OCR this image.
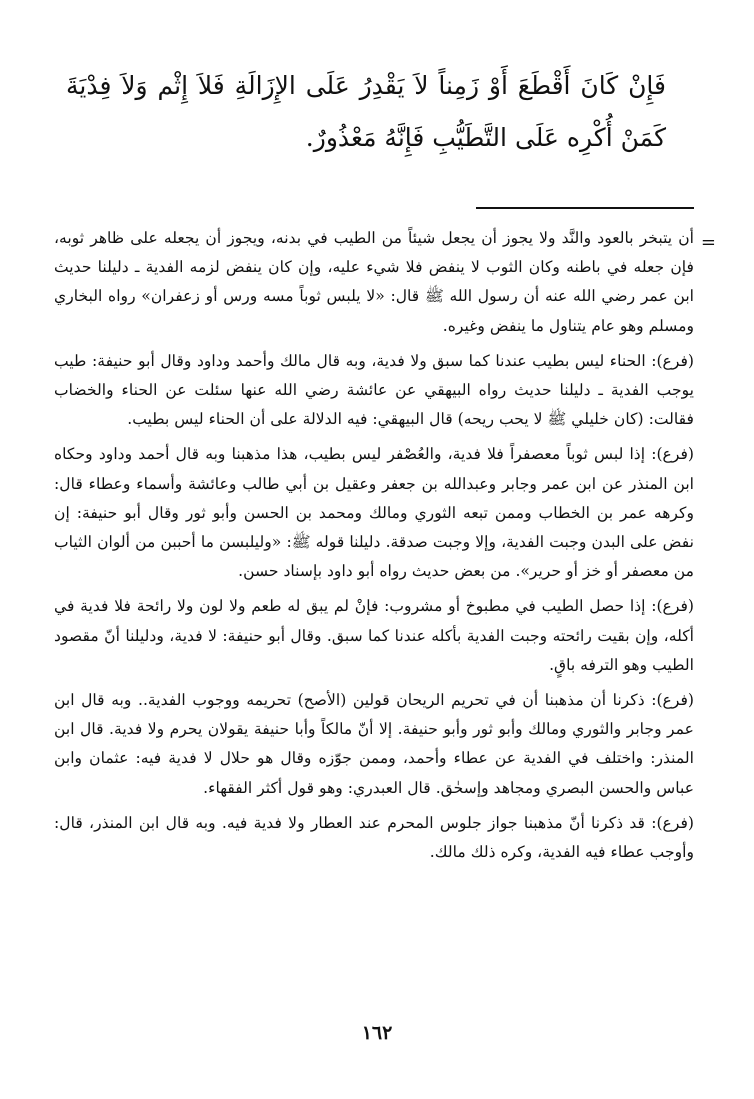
فَإِنْ كَانَ أَقْطَعَ أَوْ زَمِناً لاَ يَقْدِرُ عَلَى الإِزَالَةِ فَلاَ إِثْم وَلاَ فِدْيَةَ كَمَنْ أُكْرِه عَلَى التَّطَيُّبِ فَإِنَّهُ مَعْذُورٌ.

=

أن يتبخر بالعود والنَّد ولا يجوز أن يجعل شيئاً من الطيب في بدنه، ويجوز أن يجعله على ظاهر ثوبه، فإن جعله في باطنه وكان الثوب لا ينفض فلا شيء عليه، وإن كان ينفض لزمه الفدية ـ دليلنا حديث ابن عمر رضي الله عنه أن رسول الله ﷺ قال: «لا يلبس ثوباً مسه ورس أو زعفران» رواه البخاري ومسلم وهو عام يتناول ما ينفض وغيره.

(فرع): الحناء ليس بطيب عندنا كما سبق ولا فدية، وبه قال مالك وأحمد وداود وقال أبو حنيفة: طيب يوجب الفدية ـ دليلنا حديث رواه البيهقي عن عائشة رضي الله عنها سئلت عن الحناء والخضاب فقالت: (كان خليلي ﷺ لا يحب ريحه) قال البيهقي: فيه الدلالة على أن الحناء ليس بطيب.

(فرع): إذا لبس ثوباً معصفراً فلا فدية، والعُصْفر ليس بطيب، هذا مذهبنا وبه قال أحمد وداود وحكاه ابن المنذر عن ابن عمر وجابر وعبدالله بن جعفر وعقيل بن أبي طالب وعائشة وأسماء وعطاء قال: وكرهه عمر بن الخطاب وممن تبعه الثوري ومالك ومحمد بن الحسن وأبو ثور وقال أبو حنيفة: إن نفض على البدن وجبت الفدية، وإلا وجبت صدقة. دليلنا قوله ﷺ: «وليلبسن ما أحببن من ألوان الثياب من معصفر أو خز أو حرير». من بعض حديث رواه أبو داود بإسناد حسن.

(فرع): إذا حصل الطيب في مطبوخ أو مشروب: فإنْ لم يبق له طعم ولا لون ولا رائحة فلا فدية في أكله، وإن بقيت رائحته وجبت الفدية بأكله عندنا كما سبق. وقال أبو حنيفة: لا فدية، ودليلنا أنّ مقصود الطيب وهو الترفه باقٍ.

(فرع): ذكرنا أن مذهبنا أن في تحريم الريحان قولين (الأصح) تحريمه ووجوب الفدية.. وبه قال ابن عمر وجابر والثوري ومالك وأبو ثور وأبو حنيفة. إلا أنّ مالكاً وأبا حنيفة يقولان يحرم ولا فدية. قال ابن المنذر: واختلف في الفدية عن عطاء وأحمد، وممن جوّزه وقال هو حلال لا فدية فيه: عثمان وابن عباس والحسن البصري ومجاهد وإسحٰق. قال العبدري: وهو قول أكثر الفقهاء.

(فرع): قد ذكرنا أنّ مذهبنا جواز جلوس المحرم عند العطار ولا فدية فيه. وبه قال ابن المنذر، قال: وأوجب عطاء فيه الفدية، وكره ذلك مالك.

١٦٢
